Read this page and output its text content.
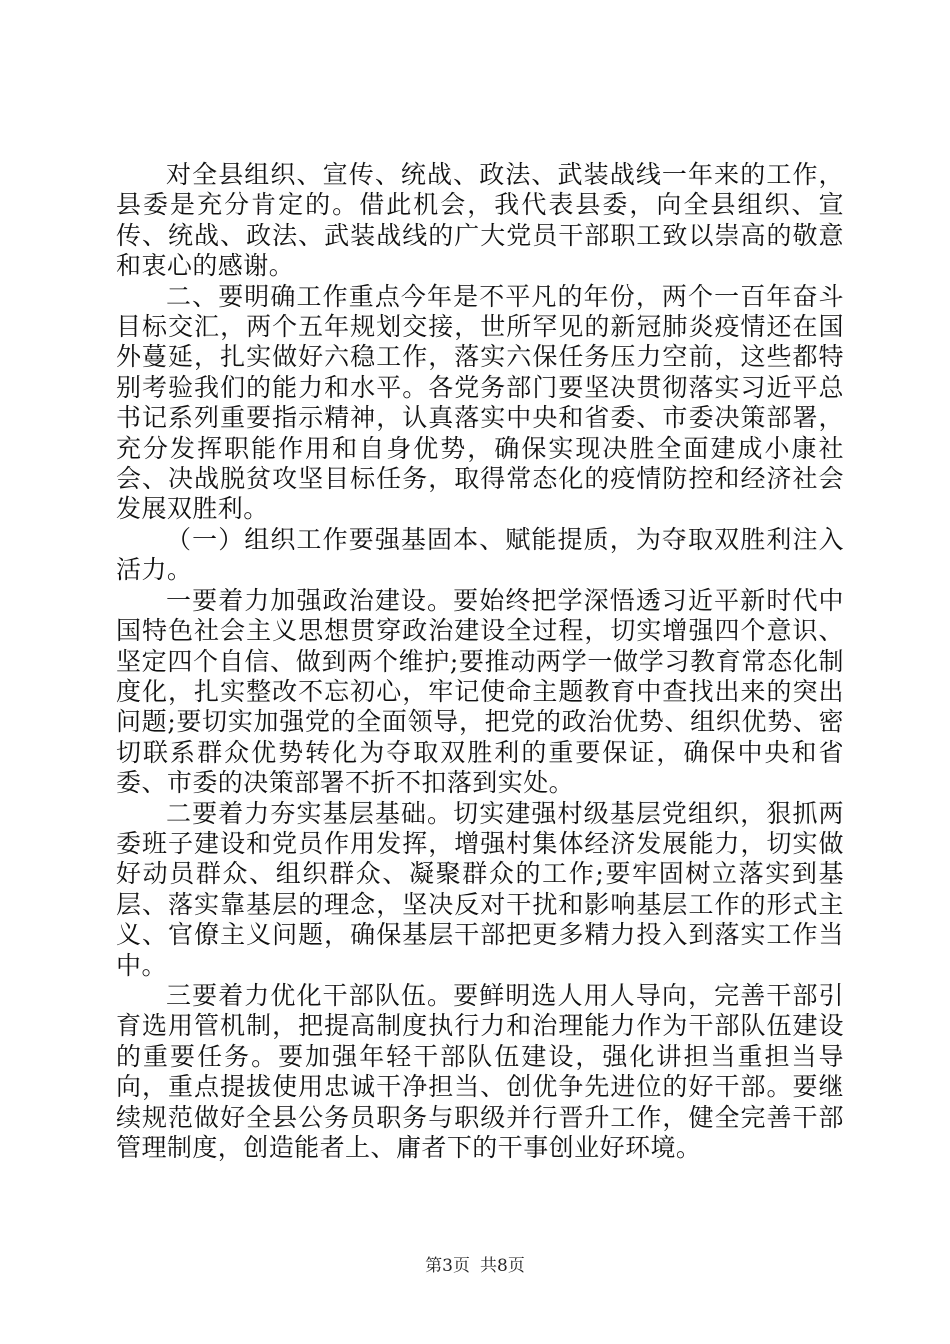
对全县组织、宣传、统战、政法、武装战线一年来的工作，县委是充分肯定的。借此机会，我代表县委，向全县组织、宣传、统战、政法、武装战线的广大党员干部职工致以崇高的敬意和衷心的感谢。

二、要明确工作重点今年是不平凡的年份，两个一百年奋斗目标交汇，两个五年规划交接，世所罕见的新冠肺炎疫情还在国外蔓延，扎实做好六稳工作，落实六保任务压力空前，这些都特别考验我们的能力和水平。各党务部门要坚决贯彻落实习近平总书记系列重要指示精神，认真落实中央和省委、市委决策部署，充分发挥职能作用和自身优势，确保实现决胜全面建成小康社会、决战脱贫攻坚目标任务，取得常态化的疫情防控和经济社会发展双胜利。

（一）组织工作要强基固本、赋能提质，为夺取双胜利注入活力。

一要着力加强政治建设。要始终把学深悟透习近平新时代中国特色社会主义思想贯穿政治建设全过程，切实增强四个意识、坚定四个自信、做到两个维护;要推动两学一做学习教育常态化制度化，扎实整改不忘初心，牢记使命主题教育中查找出来的突出问题;要切实加强党的全面领导，把党的政治优势、组织优势、密切联系群众优势转化为夺取双胜利的重要保证，确保中央和省委、市委的决策部署不折不扣落到实处。

二要着力夯实基层基础。切实建强村级基层党组织，狠抓两委班子建设和党员作用发挥，增强村集体经济发展能力，切实做好动员群众、组织群众、凝聚群众的工作;要牢固树立落实到基层、落实靠基层的理念，坚决反对干扰和影响基层工作的形式主义、官僚主义问题，确保基层干部把更多精力投入到落实工作当中。

三要着力优化干部队伍。要鲜明选人用人导向，完善干部引育选用管机制，把提高制度执行力和治理能力作为干部队伍建设的重要任务。要加强年轻干部队伍建设，强化讲担当重担当导向，重点提拔使用忠诚干净担当、创优争先进位的好干部。要继续规范做好全县公务员职务与职级并行晋升工作，健全完善干部管理制度，创造能者上、庸者下的干事创业好环境。

第3页 共8页
